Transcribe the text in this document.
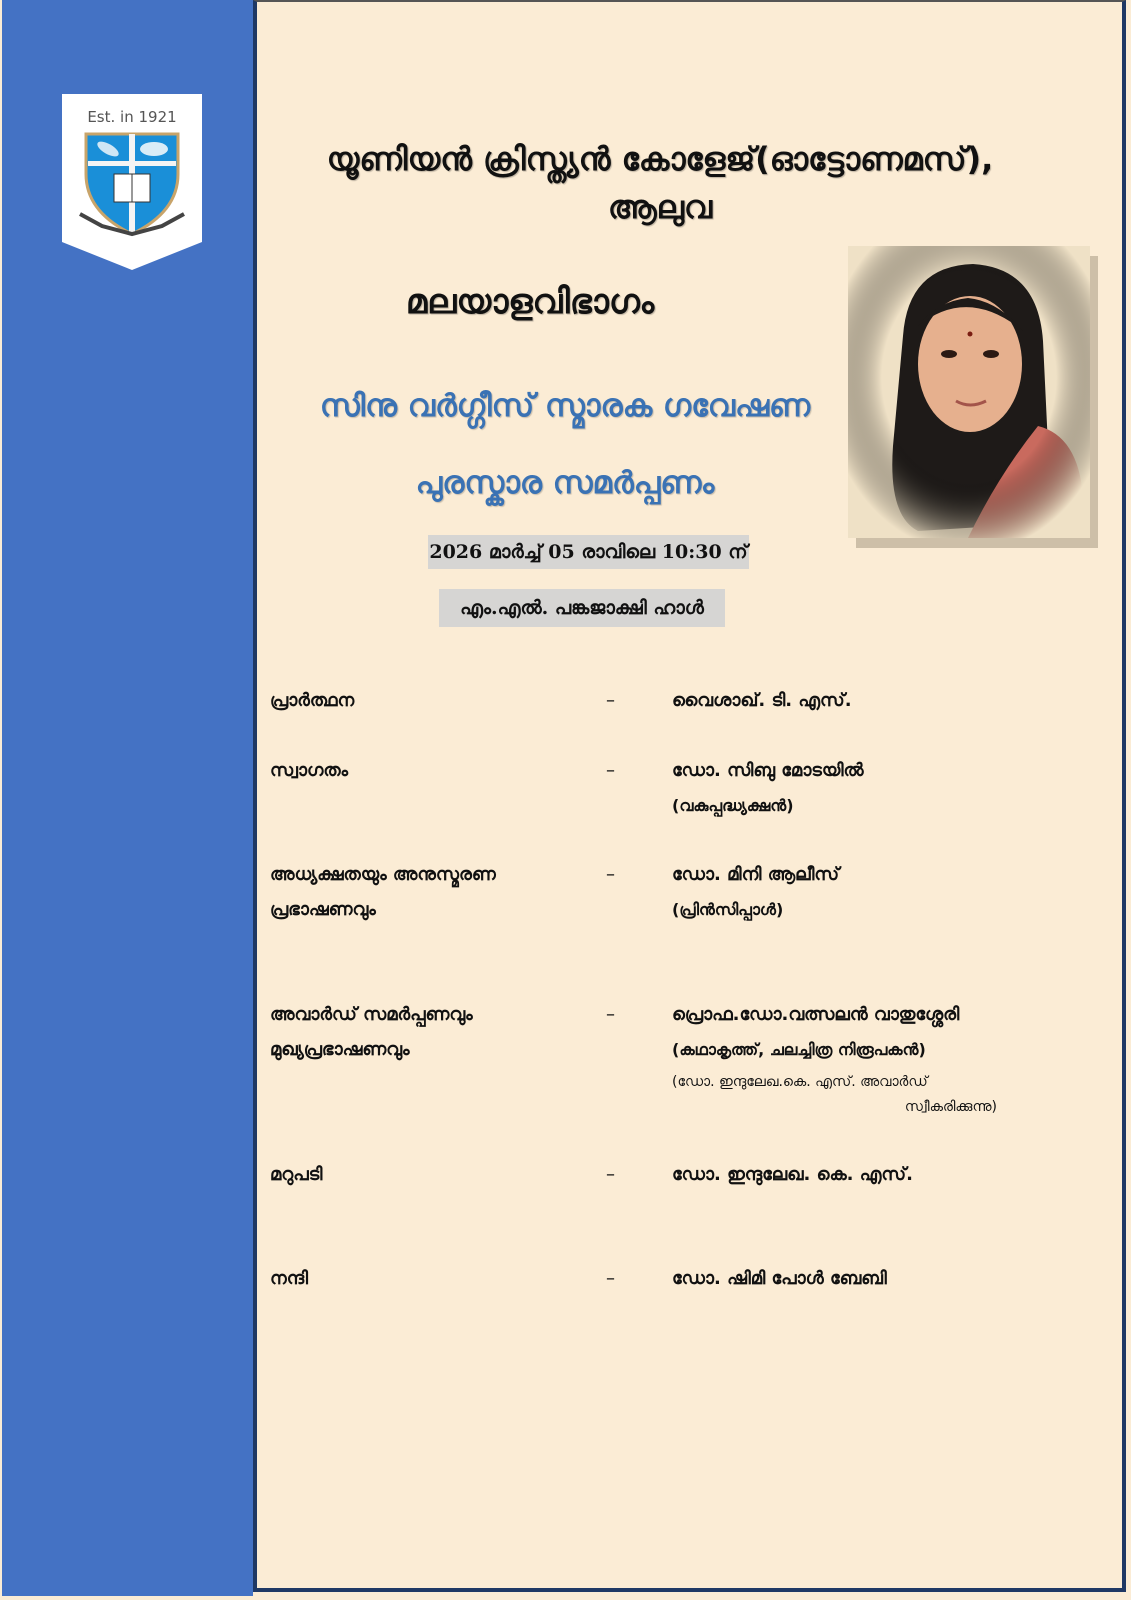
Est. in 1921
യൂണിയൻ ക്രിസ്ത്യൻ കോളേജ്(ഓട്ടോണമസ്),
ആലുവ
മലയാളവിഭാഗം
സിനു വർഗ്ഗീസ് സ്മാരക ഗവേഷണ
പുരസ്കാര സമർപ്പണം
2026 മാർച്ച് 05 രാവിലെ 10:30 ന്
എം.എൽ. പങ്കജാക്ഷി ഹാൾ
പ്രാർത്ഥന	–	വൈശാഖ്. ടി. എസ്.
സ്വാഗതം	–	ഡോ. സിബു മോടയിൽ
(വകുപ്പദ്ധ്യക്ഷൻ)
അധ്യക്ഷതയും അനുസ്മരണ
പ്രഭാഷണവും
–	ഡോ. മിനി ആലീസ്
(പ്രിൻസിപ്പാൾ)
അവാർഡ് സമർപ്പണവും
മുഖ്യപ്രഭാഷണവും
–	പ്രൊഫ.ഡോ.വത്സലൻ വാതുശ്ശേരി
(കഥാകൃത്ത്, ചലച്ചിത്ര നിരൂപകൻ)
(ഡോ. ഇന്ദുലേഖ.കെ. എസ്. അവാർഡ്
സ്വീകരിക്കുന്നു)
മറുപടി	–	ഡോ. ഇന്ദുലേഖ. കെ. എസ്.
നന്ദി	–	ഡോ. ഷിമി പോൾ ബേബി
